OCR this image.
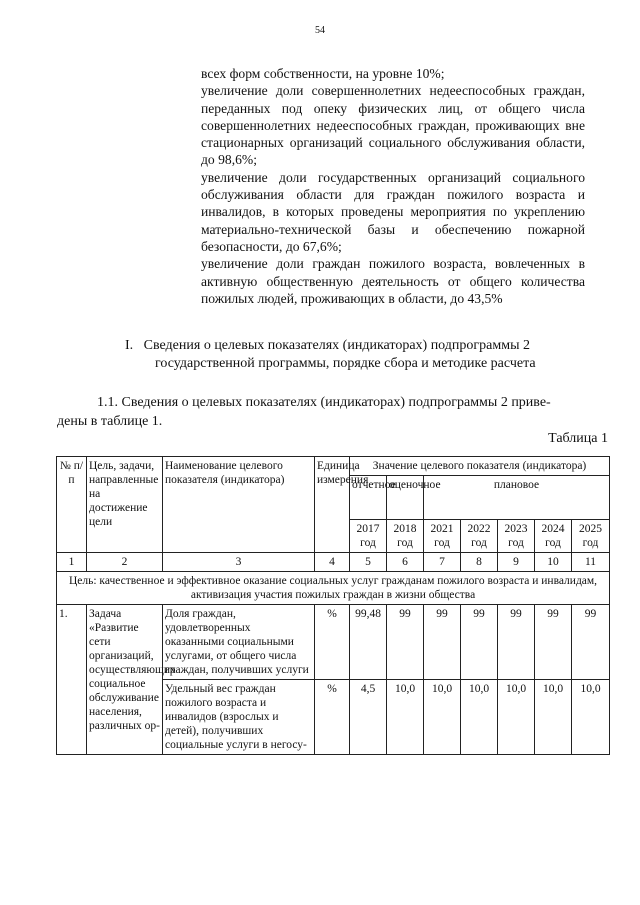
54

всех форм собственности, на уровне 10%;

увеличение доли совершеннолетних недееспособных граждан, переданных под опеку физических лиц, от общего числа совершеннолетних недееспособных граждан, проживающих вне стационарных организаций социального обслуживания области, до 98,6%;

увеличение доли государственных организаций социального обслуживания области для граждан пожилого возраста и инвалидов, в которых проведены мероприятия по укреплению материально-технической базы и обеспечению пожарной безопасности, до 67,6%;

увеличение доли граждан пожилого возраста, вовлеченных в активную общественную деятельность от общего количества пожилых людей, проживающих в области, до 43,5%

I.   Сведения о целевых показателях (индикаторах) подпрограммы 2
государственной программы, порядке сбора и методике расчета
1.1. Сведения о целевых показателях (индикаторах) подпрограммы 2 приве-
дены в таблице 1.
Таблица 1
№ п/п	Цель, задачи, направленные на достижение цели	Наименование целевого показателя (индикатора)	Единица измерения	Значение целевого показателя (индикатора)						
				отчетное	оценочное	плановое				
				2017 год	2018 год	2021 год	2022 год	2023 год	2024 год	2025 год
1	2	3	4	5	6	7	8	9	10	11
Цель: качественное и эффективное оказание социальных услуг гражданам пожилого возраста и инвалидам, активизация участия пожилых граждан в жизни общества										
1.	Задача «Развитие сети организаций, осуществляющих социальное обслуживание населения, различных ор-	Доля граждан, удовлетворенных оказанными социальными услугами, от общего числа граждан, получивших услуги	%	99,48	99	99	99	99	99	99
		Удельный вес граждан пожилого возраста и инвалидов (взрослых и детей), получивших социальные услуги в негосу-	%	4,5	10,0	10,0	10,0	10,0	10,0	10,0
